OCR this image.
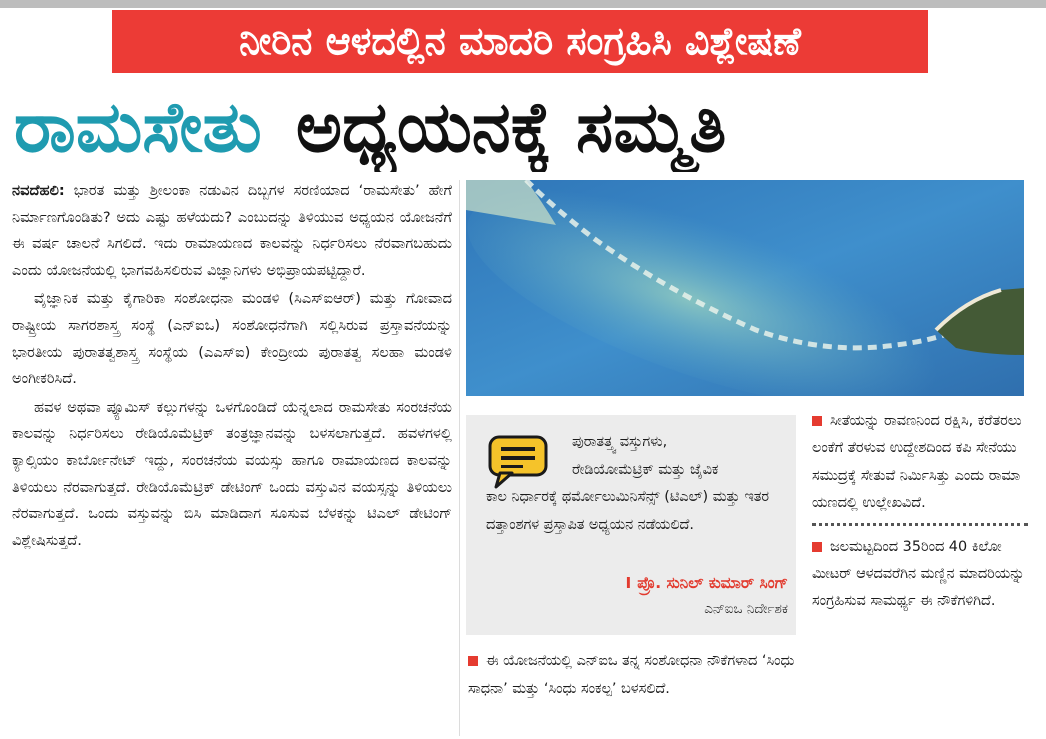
ನೀರಿನ ಆಳದಲ್ಲಿನ ಮಾದರಿ ಸಂಗ್ರಹಿಸಿ ವಿಶ್ಲೇಷಣೆ
ರಾಮಸೇತು ಅಧ್ಯಯನಕ್ಕೆ ಸಮ್ಮತಿ

ನವದೆಹಲಿ: ಭಾರತ ಮತ್ತು ಶ್ರೀಲಂಕಾ ನಡುವಿನ ದಿಬ್ಬಗಳ ಸರಣಿಯಾದ ‘ರಾಮಸೇತು’ ಹೇಗೆ ನಿರ್ಮಾಣಗೊಂಡಿತು? ಅದು ಎಷ್ಟು ಹಳೆಯದು? ಎಂಬುದನ್ನು ತಿಳಿಯುವ ಅಧ್ಯಯನ ಯೋಜನೆಗೆ ಈ ವರ್ಷ ಚಾಲನೆ ಸಿಗಲಿದೆ. ಇದು ರಾಮಾಯಣದ ಕಾಲವನ್ನು ನಿರ್ಧರಿಸಲು ನೆರವಾಗಬಹುದು ಎಂದು ಯೋಜನೆಯಲ್ಲಿ ಭಾಗವಹಿಸಲಿರುವ ವಿಜ್ಞಾನಿಗಳು ಅಭಿಪ್ರಾಯಪಟ್ಟಿದ್ದಾರೆ.

ವೈಜ್ಞಾನಿಕ ಮತ್ತು ಕೈಗಾರಿಕಾ ಸಂಶೋಧನಾ ಮಂಡಳಿ (ಸಿಎಸ್‌ಐಆರ್) ಮತ್ತು ಗೋವಾದ ರಾಷ್ಟ್ರೀಯ ಸಾಗರಶಾಸ್ತ್ರ ಸಂಸ್ಥೆ (ಎನ್‌ಐಒ) ಸಂಶೋಧನೆಗಾಗಿ ಸಲ್ಲಿಸಿರುವ ಪ್ರಸ್ತಾವನೆಯನ್ನು ಭಾರತೀಯ ಪುರಾತತ್ವಶಾಸ್ತ್ರ ಸಂಸ್ಥೆಯ (ಎಎಸ್‌ಐ) ಕೇಂದ್ರೀಯ ಪುರಾತತ್ವ ಸಲಹಾ ಮಂಡಳಿ ಅಂಗೀಕರಿಸಿದೆ.

ಹವಳ ಅಥವಾ ಪ್ಯೂಮಿಸ್ ಕಲ್ಲುಗಳನ್ನು ಒಳಗೊಂಡಿದೆ ಯೆನ್ನಲಾದ ರಾಮಸೇತು ಸಂರಚನೆಯ ಕಾಲವನ್ನು ನಿರ್ಧರಿಸಲು ರೇಡಿಯೊಮೆಟ್ರಿಕ್ ತಂತ್ರಜ್ಞಾನವನ್ನು ಬಳಸಲಾಗುತ್ತದೆ. ಹವಳಗಳಲ್ಲಿ ಕ್ಯಾಲ್ಸಿಯಂ ಕಾರ್ಬೋನೇಟ್ ಇದ್ದು, ಸಂರಚನೆಯ ವಯಸ್ಸು ಹಾಗೂ ರಾಮಾಯಣದ ಕಾಲವನ್ನು ತಿಳಿಯಲು ನೆರವಾಗುತ್ತದೆ. ರೇಡಿಯೊಮೆಟ್ರಿಕ್ ಡೇಟಿಂಗ್ ಒಂದು ವಸ್ತುವಿನ ವಯಸ್ಸನ್ನು ತಿಳಿಯಲು ನೆರವಾಗುತ್ತದೆ. ಒಂದು ವಸ್ತುವನ್ನು ಬಿಸಿ ಮಾಡಿದಾಗ ಸೂಸುವ ಬೆಳಕನ್ನು ಟಿಎಲ್ ಡೇಟಿಂಗ್ ವಿಶ್ಲೇಷಿಸುತ್ತದೆ.

ಪುರಾತತ್ತ್ವ ವಸ್ತುಗಳು,
ರೇಡಿಯೋಮೆಟ್ರಿಕ್ ಮತ್ತು ಜೈವಿಕ
ಕಾಲ ನಿರ್ಧಾರಕ್ಕೆ ಥರ್ಮೋಲುಮಿನಿಸೆನ್ಸ್ (ಟಿಎಲ್) ಮತ್ತು ಇತರ ದತ್ತಾಂಶಗಳ ಪ್ರಸ್ತಾಪಿತ ಅಧ್ಯಯನ ನಡೆಯಲಿದೆ.
I ಪ್ರೊ. ಸುನಿಲ್ ಕುಮಾರ್ ಸಿಂಗ್
ಎನ್‌ಐಒ ನಿರ್ದೇಶಕ
ಈ ಯೋಜನೆಯಲ್ಲಿ ಎನ್‌ಐಒ ತನ್ನ ಸಂಶೋಧನಾ ನೌಕೆಗಳಾದ ‘ಸಿಂಧು ಸಾಧನಾ’ ಮತ್ತು ‘ಸಿಂಧು ಸಂಕಲ್ಪ’ ಬಳಸಲಿದೆ.
ಸೀತೆಯನ್ನು ರಾವಣನಿಂದ ರಕ್ಷಿಸಿ, ಕರೆತರಲು ಲಂಕೆಗೆ ತೆರಳುವ ಉದ್ದೇಶದಿಂದ ಕಪಿ ಸೇನೆಯು ಸಮುದ್ರಕ್ಕೆ ಸೇತುವೆ ನಿರ್ಮಿಸಿತ್ತು ಎಂದು ರಾಮಾ ಯಣದಲ್ಲಿ ಉಲ್ಲೇಖವಿದೆ.
ಜಲಮಟ್ಟದಿಂದ 35ರಿಂದ 40 ಕಿಲೋ ಮೀಟರ್ ಆಳದವರೆಗಿನ ಮಣ್ಣಿನ ಮಾದರಿಯನ್ನು ಸಂಗ್ರಹಿಸುವ ಸಾಮರ್ಥ್ಯ ಈ ನೌಕೆಗಳಿಗಿದೆ.
